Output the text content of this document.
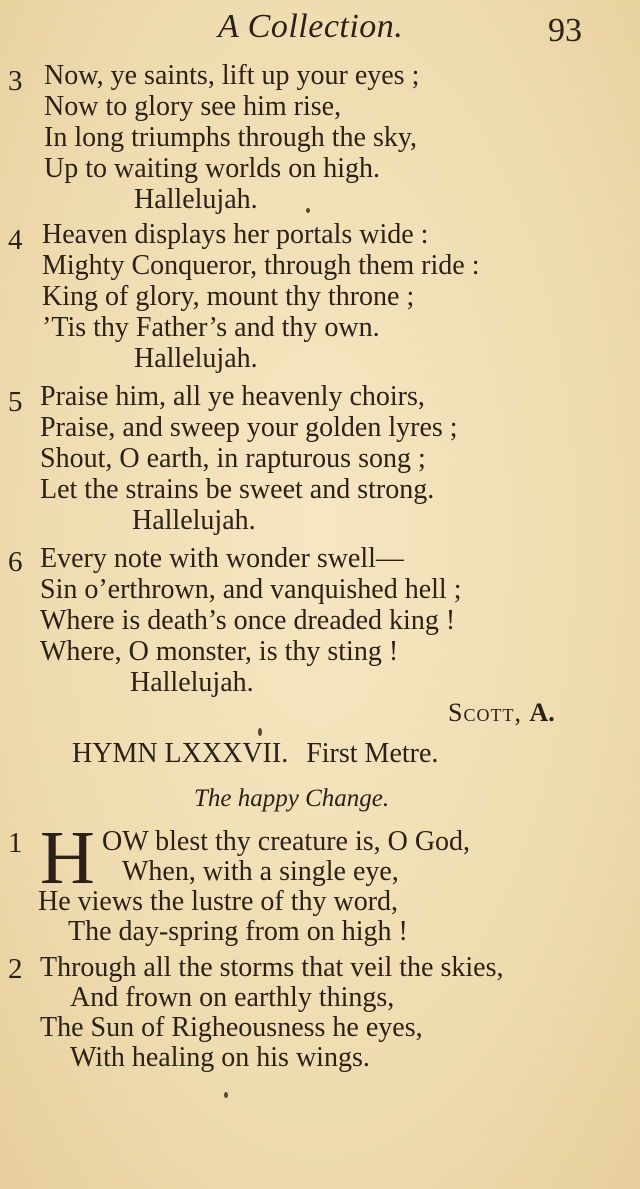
A Collection.	93
3 Now, ye saints, lift up your eyes ;
Now to glory see him rise,
In long triumphs through the sky,
Up to waiting worlds on high.
Hallelujah.
4 Heaven displays her portals wide :
Mighty Conqueror, through them ride :
King of glory, mount thy throne ;
’Tis thy Father’s and thy own.
Hallelujah.
5 Praise him, all ye heavenly choirs,
Praise, and sweep your golden lyres ;
Shout, O earth, in rapturous song ;
Let the strains be sweet and strong.
Hallelujah.
6 Every note with wonder swell—
Sin o’erthrown, and vanquished hell ;
Where is death’s once dreaded king !
Where, O monster, is thy sting !
Hallelujah.
Scott, A.
HYMN LXXXVII. First Metre.
The happy Change.
1	OW blest thy creature is, O God,
When, with a single eye,
He views the lustre of thy word,
The day-spring from on high !
H
2 Through all the storms that veil the skies,
And frown on earthly things,
The Sun of Righeousness he eyes,
With healing on his wings.
